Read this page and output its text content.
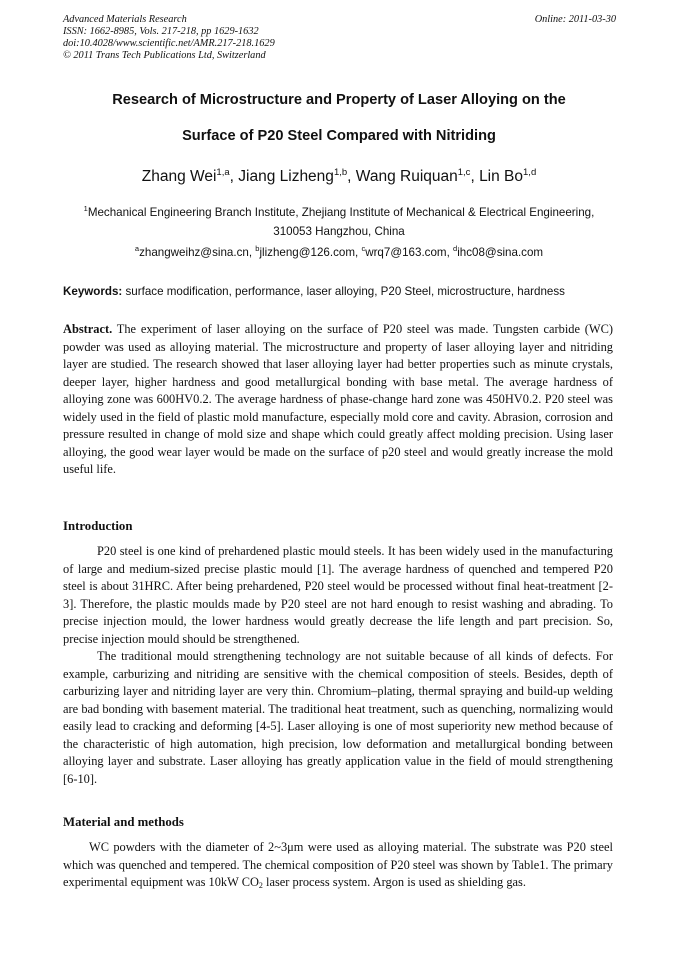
Advanced Materials Research
ISSN: 1662-8985, Vols. 217-218, pp 1629-1632
doi:10.4028/www.scientific.net/AMR.217-218.1629
© 2011 Trans Tech Publications Ltd, Switzerland
Online: 2011-03-30
Research of Microstructure and Property of Laser Alloying on the
Surface of P20 Steel Compared with Nitriding
Zhang Wei$^{1,a}$, Jiang Lizheng$^{1,b}$, Wang Ruiquan$^{1,c}$, Lin Bo$^{1,d}$
$^1$Mechanical Engineering Branch Institute, Zhejiang Institute of Mechanical & Electrical Engineering,
310053 Hangzhou, China
$^a$zhangweihz@sina.cn, $^b$jlizheng@126.com, $^c$wrq7@163.com, $^d$ihc08@sina.com
Keywords: surface modification, performance, laser alloying, P20 Steel, microstructure, hardness
Abstract. The experiment of laser alloying on the surface of P20 steel was made. Tungsten carbide (WC) powder was used as alloying material. The microstructure and property of laser alloying layer and nitriding layer are studied. The research showed that laser alloying layer had better properties such as minute crystals, deeper layer, higher hardness and good metallurgical bonding with base metal. The average hardness of alloying zone was 600HV0.2. The average hardness of phase-change hard zone was 450HV0.2. P20 steel was widely used in the field of plastic mold manufacture, especially mold core and cavity. Abrasion, corrosion and pressure resulted in change of mold size and shape which could greatly affect molding precision. Using laser alloying, the good wear layer would be made on the surface of p20 steel and would greatly increase the mold useful life.
Introduction

P20 steel is one kind of prehardened plastic mould steels. It has been widely used in the manufacturing of large and medium-sized precise plastic mould [1]. The average hardness of quenched and tempered P20 steel is about 31HRC. After being prehardened, P20 steel would be processed without final heat-treatment [2-3]. Therefore, the plastic moulds made by P20 steel are not hard enough to resist washing and abrading. To precise injection mould, the lower hardness would greatly decrease the life length and part precision. So, precise injection mould should be strengthened.

The traditional mould strengthening technology are not suitable because of all kinds of defects. For example, carburizing and nitriding are sensitive with the chemical composition of steels. Besides, depth of carburizing layer and nitriding layer are very thin. Chromium–plating, thermal spraying and build-up welding are bad bonding with basement material. The traditional heat treatment, such as quenching, normalizing would easily lead to cracking and deforming [4-5]. Laser alloying is one of most superiority new method because of the characteristic of high automation, high precision, low deformation and metallurgical bonding between alloying layer and substrate. Laser alloying has greatly application value in the field of mould strengthening [6-10].

Material and methods

WC powders with the diameter of 2~3μm were used as alloying material. The substrate was P20 steel which was quenched and tempered. The chemical composition of P20 steel was shown by Table1. The primary experimental equipment was 10kW $CO_2$ laser process system. Argon is used as shielding gas.
